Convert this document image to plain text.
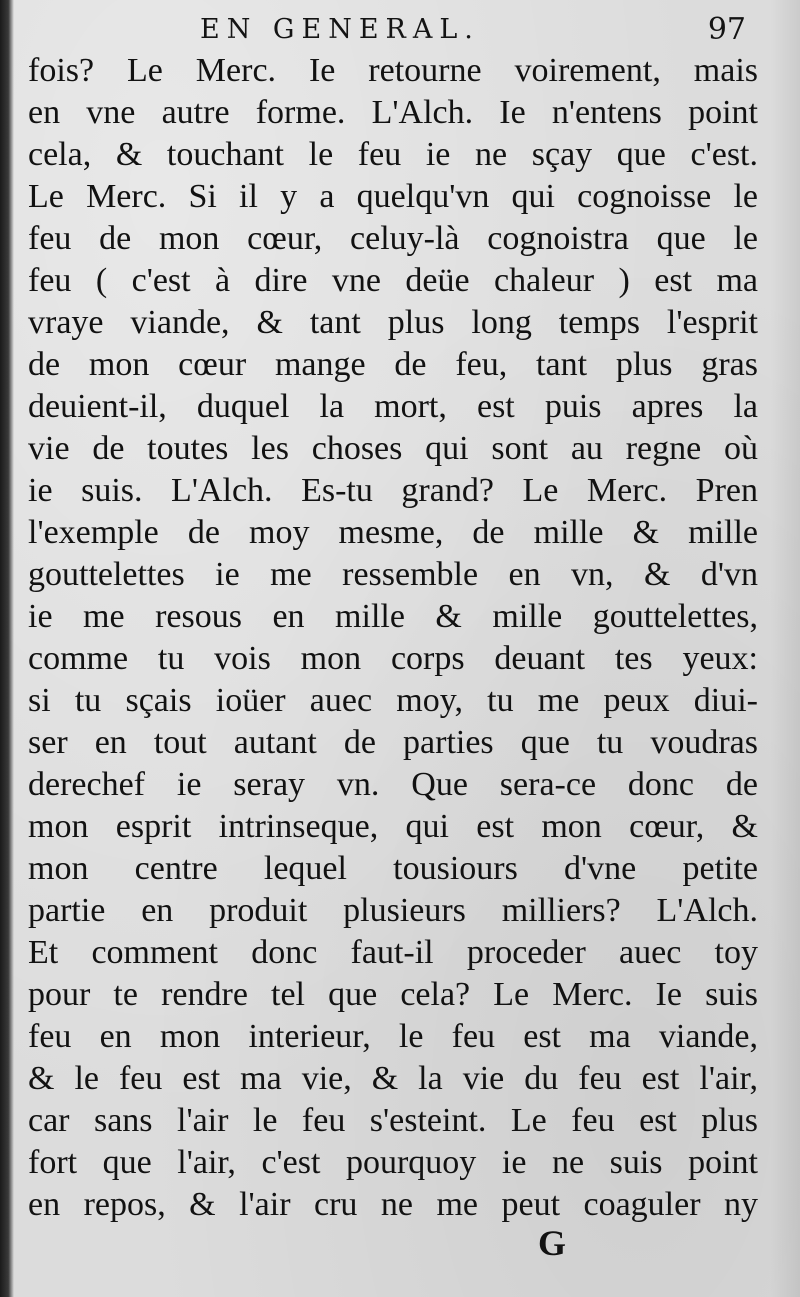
EN GENERAL.	97
fois? Le Merc. Ie retourne voirement, mais
en vne autre forme. L'Alch. Ie n'entens point
cela, & touchant le feu ie ne sçay que c'est.
Le Merc. Si il y a quelqu'vn qui cognoisse le
feu de mon cœur, celuy-là cognoistra que le
feu ( c'est à dire vne deüe chaleur ) est ma
vraye viande, & tant plus long temps l'esprit
de mon cœur mange de feu, tant plus gras
deuient-il, duquel la mort, est puis apres la
vie de toutes les choses qui sont au regne où
ie suis. L'Alch. Es-tu grand? Le Merc. Pren
l'exemple de moy mesme, de mille & mille
gouttelettes ie me ressemble en vn, & d'vn
ie me resous en mille & mille gouttelettes,
comme tu vois mon corps deuant tes yeux:
si tu sçais ioüer auec moy, tu me peux diui-
ser en tout autant de parties que tu voudras
derechef ie seray vn. Que sera-ce donc de
mon esprit intrinseque, qui est mon cœur, &
mon centre lequel tousiours d'vne petite
partie en produit plusieurs milliers? L'Alch.
Et comment donc faut-il proceder auec toy
pour te rendre tel que cela? Le Merc. Ie suis
feu en mon interieur, le feu est ma viande,
& le feu est ma vie, & la vie du feu est l'air,
car sans l'air le feu s'esteint. Le feu est plus
fort que l'air, c'est pourquoy ie ne suis point
en repos, & l'air cru ne me peut coaguler ny
G
